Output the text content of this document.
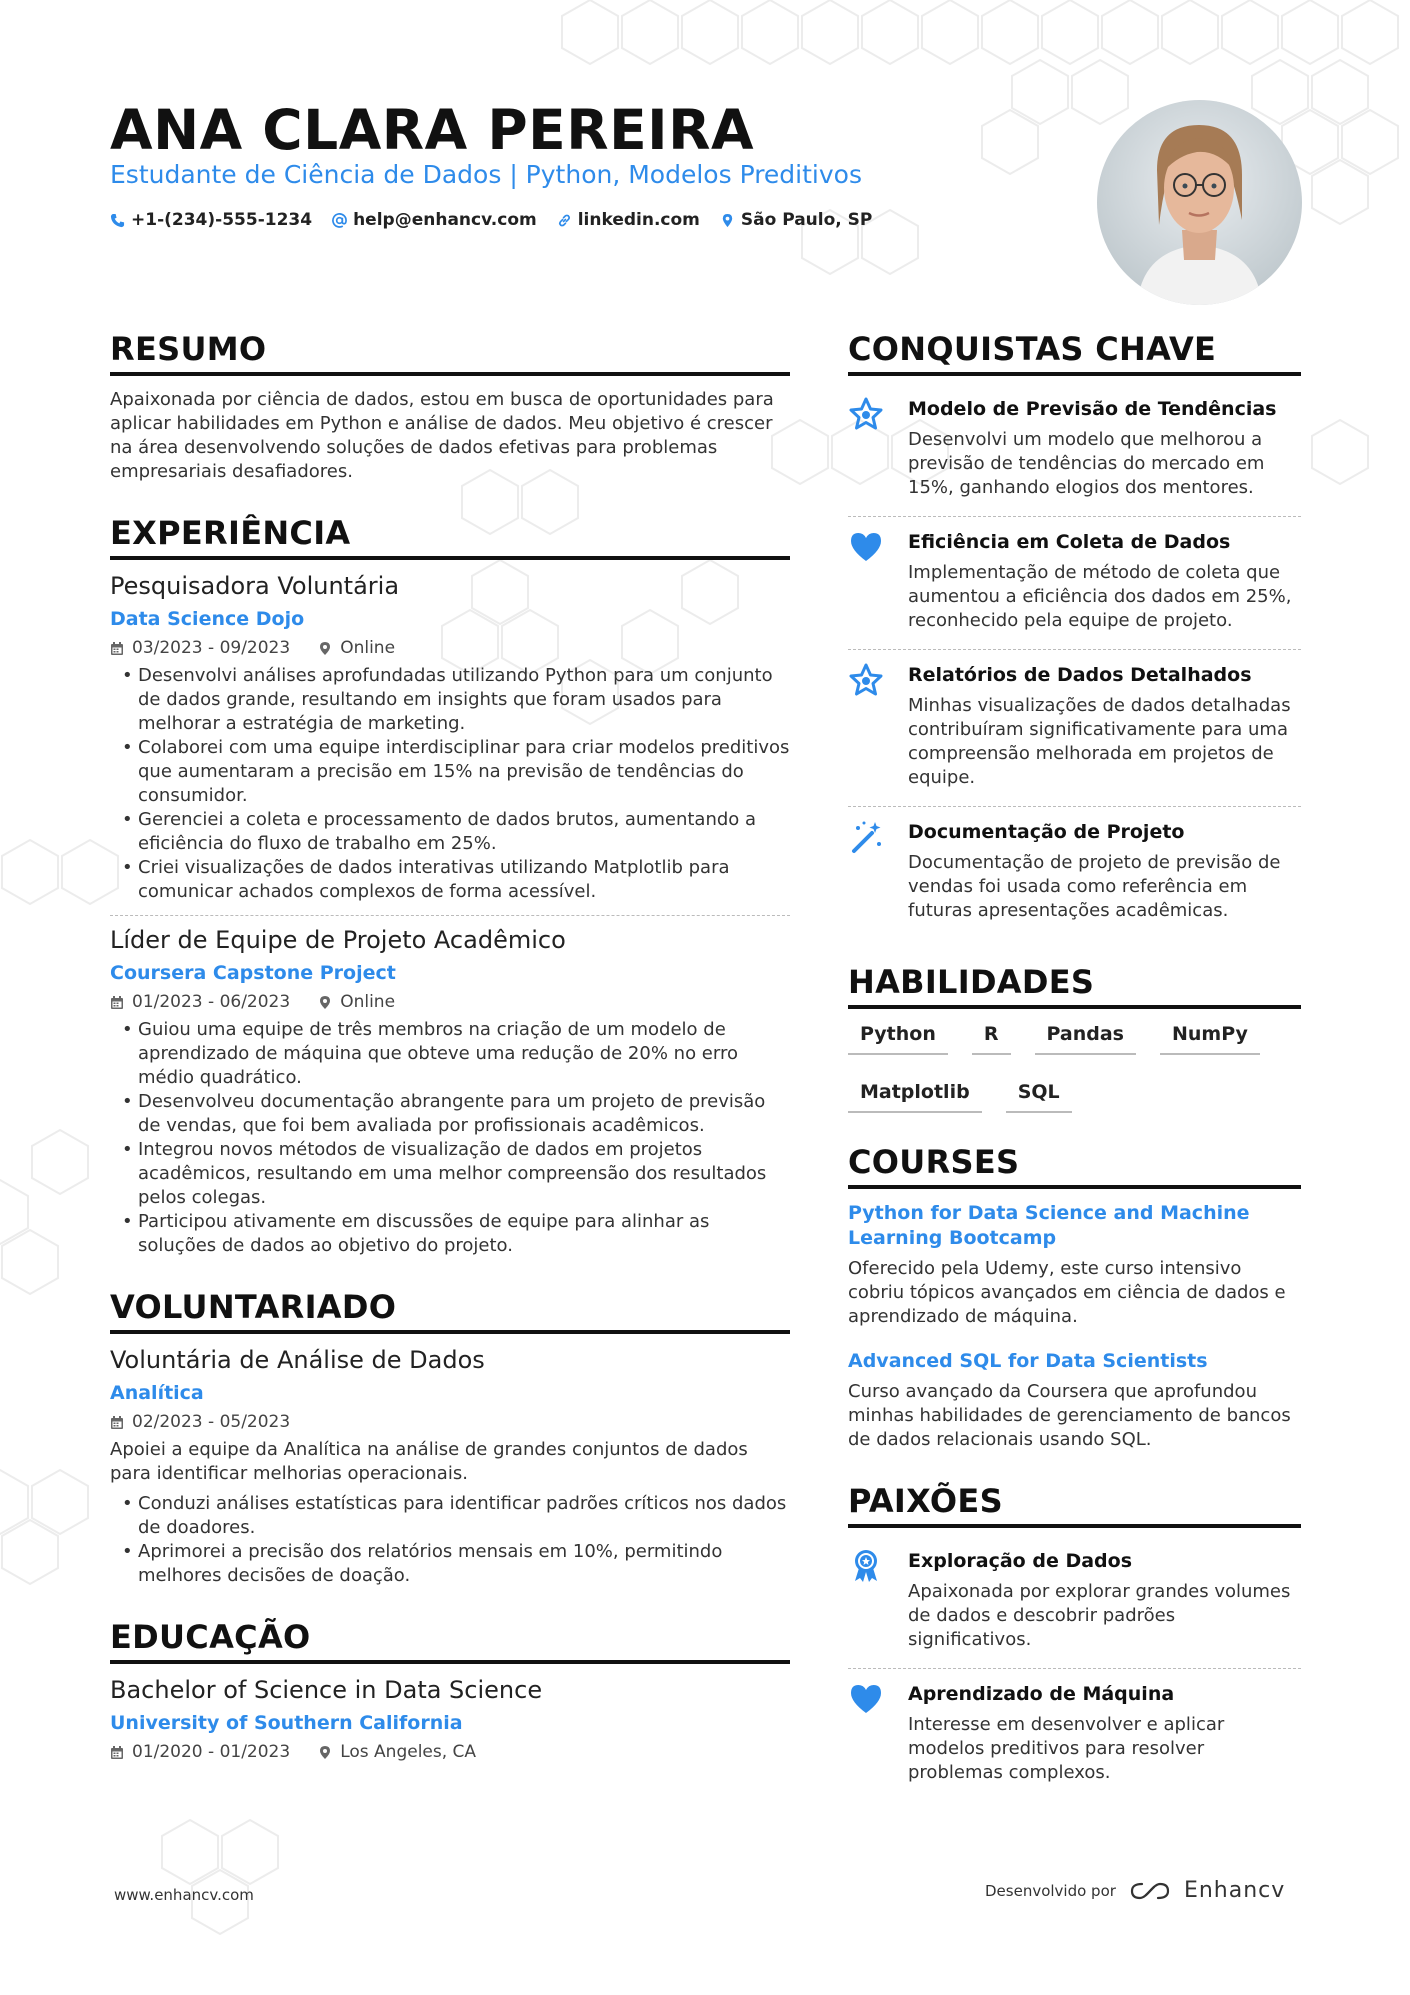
ANA CLARA PEREIRA
Estudante de Ciência de Dados | Python, Modelos Preditivos
+1-(234)-555-1234 help@enhancv.com linkedin.com São Paulo, SP
RESUMO
Apaixonada por ciência de dados, estou em busca de oportunidades para aplicar habilidades em Python e análise de dados. Meu objetivo é crescer na área desenvolvendo soluções de dados efetivas para problemas empresariais desafiadores.
EXPERIÊNCIA
Pesquisadora Voluntária
Data Science Dojo
03/2023 - 09/2023	Online
• Desenvolvi análises aprofundadas utilizando Python para um conjunto de dados grande, resultando em insights que foram usados para melhorar a estratégia de marketing.
• Colaborei com uma equipe interdisciplinar para criar modelos preditivos que aumentaram a precisão em 15% na previsão de tendências do consumidor.
• Gerenciei a coleta e processamento de dados brutos, aumentando a eficiência do fluxo de trabalho em 25%.
• Criei visualizações de dados interativas utilizando Matplotlib para comunicar achados complexos de forma acessível.
Líder de Equipe de Projeto Acadêmico
Coursera Capstone Project
01/2023 - 06/2023	Online
• Guiou uma equipe de três membros na criação de um modelo de aprendizado de máquina que obteve uma redução de 20% no erro médio quadrático.
• Desenvolveu documentação abrangente para um projeto de previsão de vendas, que foi bem avaliada por profissionais acadêmicos.
• Integrou novos métodos de visualização de dados em projetos acadêmicos, resultando em uma melhor compreensão dos resultados pelos colegas.
• Participou ativamente em discussões de equipe para alinhar as soluções de dados ao objetivo do projeto.
VOLUNTARIADO
Voluntária de Análise de Dados
Analítica
02/2023 - 05/2023
Apoiei a equipe da Analítica na análise de grandes conjuntos de dados para identificar melhorias operacionais.
• Conduzi análises estatísticas para identificar padrões críticos nos dados de doadores.
• Aprimorei a precisão dos relatórios mensais em 10%, permitindo melhores decisões de doação.
EDUCAÇÃO
Bachelor of Science in Data Science
University of Southern California
01/2020 - 01/2023	Los Angeles, CA
CONQUISTAS CHAVE
Modelo de Previsão de Tendências
Desenvolvi um modelo que melhorou a previsão de tendências do mercado em 15%, ganhando elogios dos mentores.
Eficiência em Coleta de Dados
Implementação de método de coleta que aumentou a eficiência dos dados em 25%, reconhecido pela equipe de projeto.
Relatórios de Dados Detalhados
Minhas visualizações de dados detalhadas contribuíram significativamente para uma compreensão melhorada em projetos de equipe.
Documentação de Projeto
Documentação de projeto de previsão de vendas foi usada como referência em futuras apresentações acadêmicas.
HABILIDADES
Python	R	Pandas	NumPy
Matplotlib	SQL
COURSES
Python for Data Science and Machine Learning Bootcamp
Oferecido pela Udemy, este curso intensivo cobriu tópicos avançados em ciência de dados e aprendizado de máquina.
Advanced SQL for Data Scientists
Curso avançado da Coursera que aprofundou minhas habilidades de gerenciamento de bancos de dados relacionais usando SQL.
PAIXÕES
Exploração de Dados
Apaixonada por explorar grandes volumes de dados e descobrir padrões significativos.
Aprendizado de Máquina
Interesse em desenvolver e aplicar modelos preditivos para resolver problemas complexos.
www.enhancv.com	Desenvolvido por	Enhancv
